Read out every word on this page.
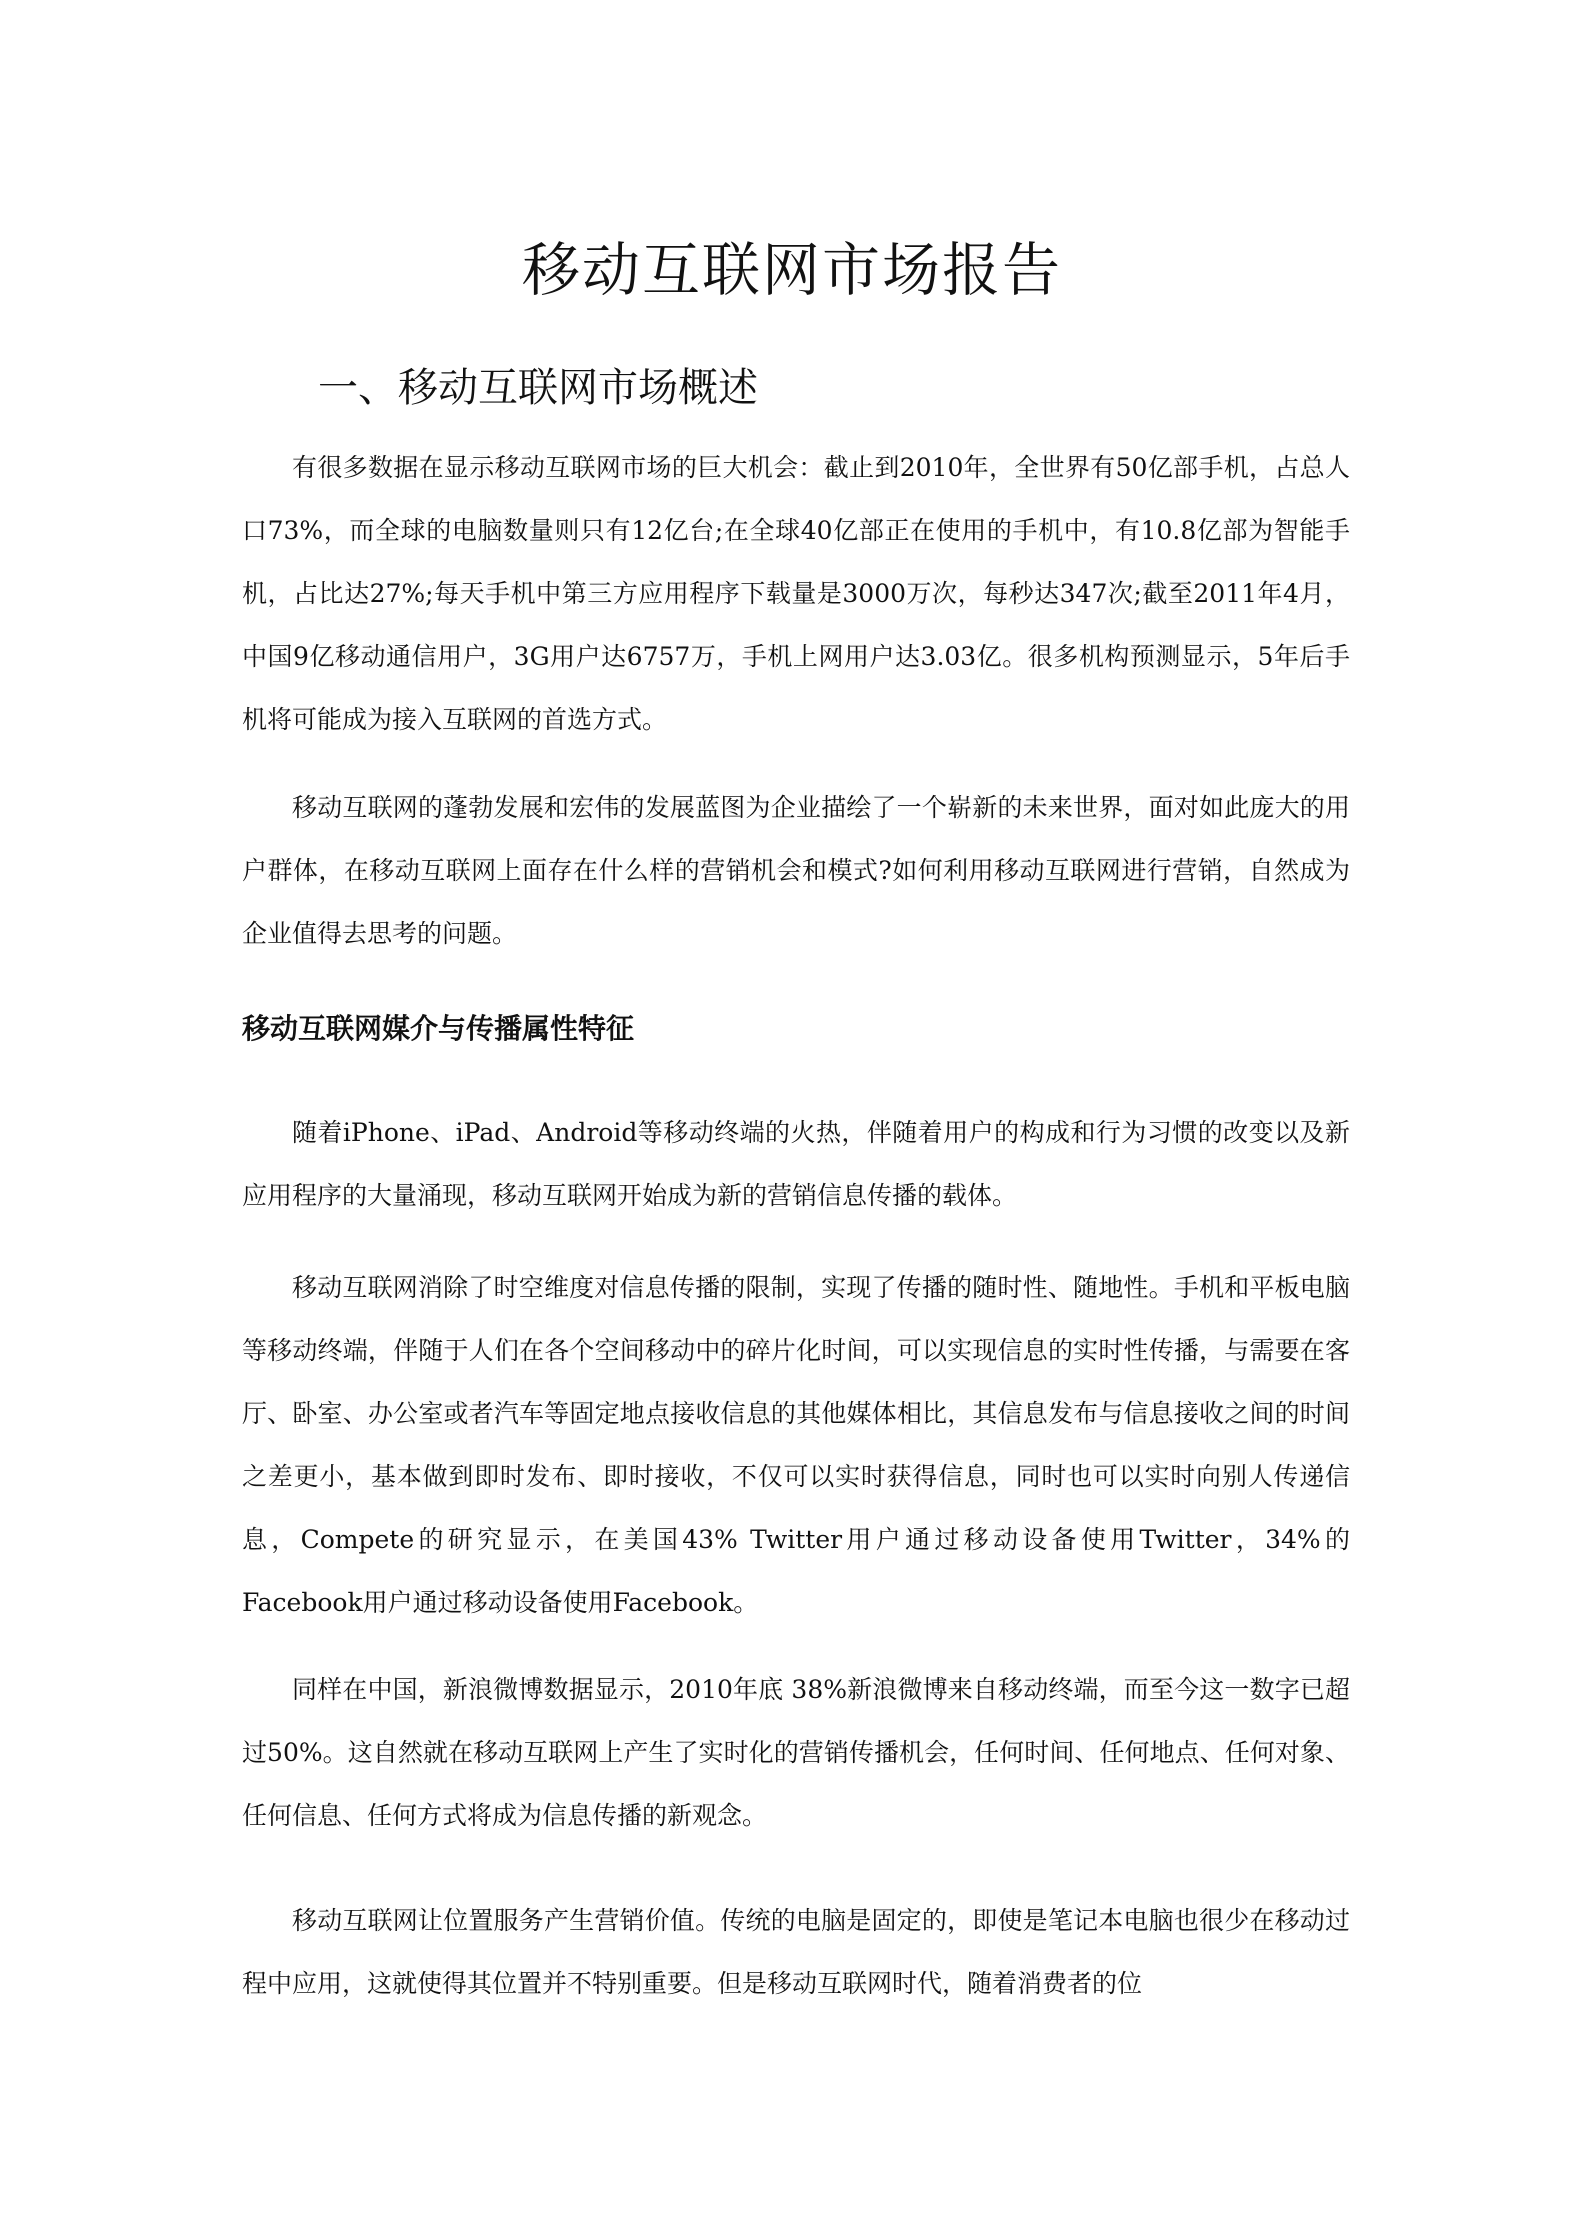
移动互联网市场报告
一、移动互联网市场概述

有很多数据在显示移动互联网市场的巨大机会：截止到2010年，全世界有50亿部手机，占总人口73%，而全球的电脑数量则只有12亿台;在全球40亿部正在使用的手机中，有10.8亿部为智能手机，占比达27%;每天手机中第三方应用程序下载量是3000万次，每秒达347次;截至2011年4月，中国9亿移动通信用户，3G用户达6757万，手机上网用户达3.03亿。很多机构预测显示，5年后手机将可能成为接入互联网的首选方式。

移动互联网的蓬勃发展和宏伟的发展蓝图为企业描绘了一个崭新的未来世界，面对如此庞大的用户群体，在移动互联网上面存在什么样的营销机会和模式?如何利用移动互联网进行营销，自然成为企业值得去思考的问题。

移动互联网媒介与传播属性特征

随着iPhone、iPad、Android等移动终端的火热，伴随着用户的构成和行为习惯的改变以及新应用程序的大量涌现，移动互联网开始成为新的营销信息传播的载体。

移动互联网消除了时空维度对信息传播的限制，实现了传播的随时性、随地性。手机和平板电脑等移动终端，伴随于人们在各个空间移动中的碎片化时间，可以实现信息的实时性传播，与需要在客厅、卧室、办公室或者汽车等固定地点接收信息的其他媒体相比，其信息发布与信息接收之间的时间之差更小，基本做到即时发布、即时接收，不仅可以实时获得信息，同时也可以实时向别人传递信息，Compete的研究显示，在美国43% Twitter用户通过移动设备使用Twitter，34%的Facebook用户通过移动设备使用Facebook。

同样在中国，新浪微博数据显示，2010年底 38%新浪微博来自移动终端，而至今这一数字已超过50%。这自然就在移动互联网上产生了实时化的营销传播机会，任何时间、任何地点、任何对象、任何信息、任何方式将成为信息传播的新观念。

移动互联网让位置服务产生营销价值。传统的电脑是固定的，即使是笔记本电脑也很少在移动过程中应用，这就使得其位置并不特别重要。但是移动互联网时代，随着消费者的位
